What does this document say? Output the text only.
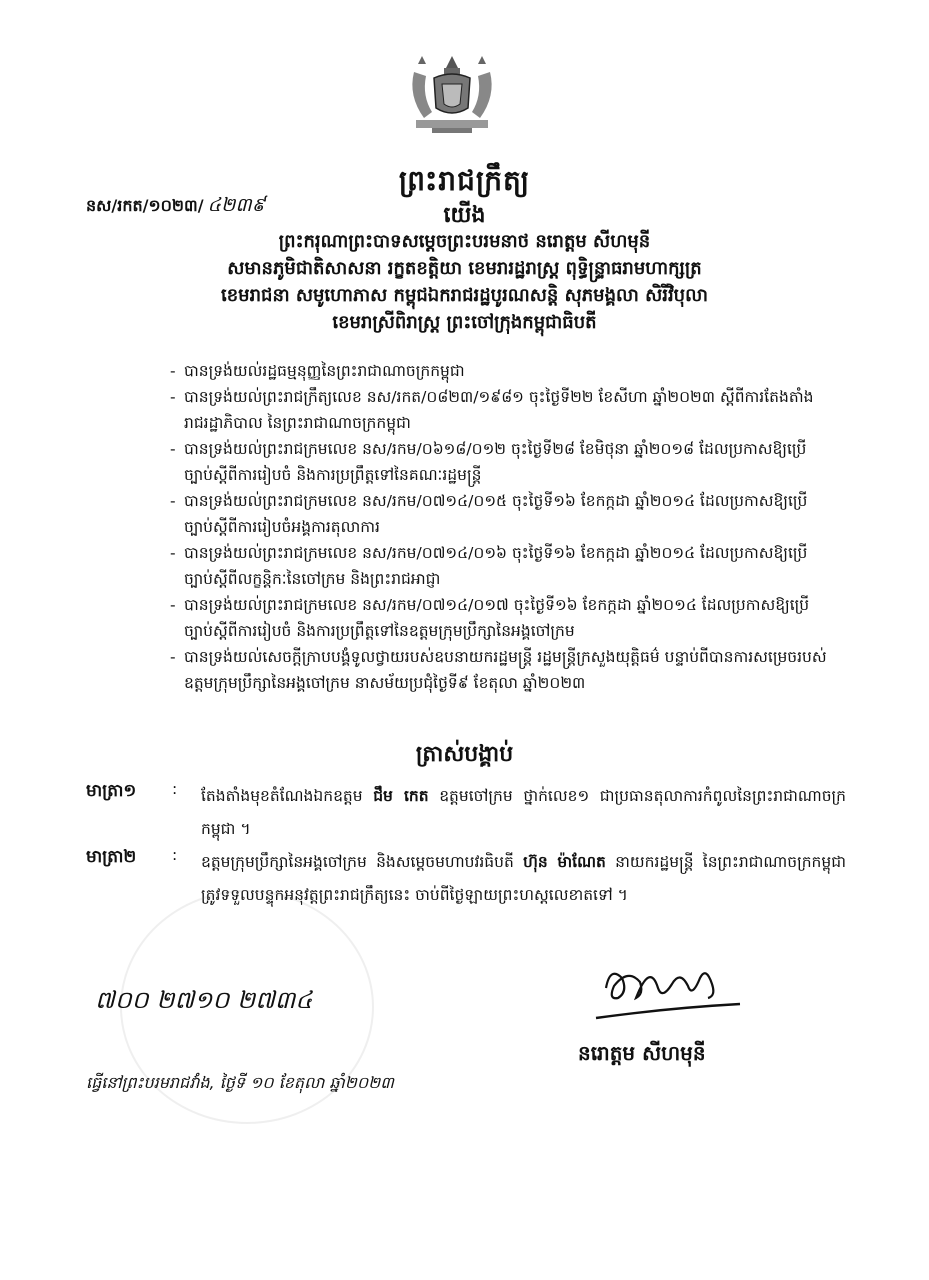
ព្រះរាជក្រឹត្យ
នស/រកត/១០២៣/ ៤២៣៩	យើង
ព្រះករុណាព្រះបាទសម្តេចព្រះបរមនាថ នរោត្តម សីហមុនី
សមានភូមិជាតិសាសនា រក្ខតខត្តិយា ខេមរារដ្ឋរាស្ត្រ ពុទ្ធិន្ទ្រាធរាមហាក្សត្រ
ខេមរាជនា សមូហោភាស កម្ពុជឯករាជរដ្ឋបូរណសន្តិ សុភមង្គលា សិរីវិបុលា
ខេមរាស្រីពិរាស្ត្រ ព្រះចៅក្រុងកម្ពុជាធិបតី
- បានទ្រង់យល់រដ្ឋធម្មនុញ្ញនៃព្រះរាជាណាចក្រកម្ពុជា
- បានទ្រង់យល់ព្រះរាជក្រឹត្យលេខ នស/រកត/០៨២៣/១៩៨១ ចុះថ្ងៃទី២២ ខែសីហា ឆ្នាំ២០២៣ ស្តីពីការតែងតាំងរាជរដ្ឋាភិបាល នៃព្រះរាជាណាចក្រកម្ពុជា
- បានទ្រង់យល់ព្រះរាជក្រមលេខ នស/រកម/០៦១៨/០១២ ចុះថ្ងៃទី២៨ ខែមិថុនា ឆ្នាំ២០១៨ ដែលប្រកាសឱ្យប្រើច្បាប់ស្តីពីការរៀបចំ និងការប្រព្រឹត្តទៅនៃគណៈរដ្ឋមន្ត្រី
- បានទ្រង់យល់ព្រះរាជក្រមលេខ នស/រកម/០៧១៤/០១៥ ចុះថ្ងៃទី១៦ ខែកក្កដា ឆ្នាំ២០១៤ ដែលប្រកាសឱ្យប្រើច្បាប់ស្តីពីការរៀបចំអង្គការតុលាការ
- បានទ្រង់យល់ព្រះរាជក្រមលេខ នស/រកម/០៧១៤/០១៦ ចុះថ្ងៃទី១៦ ខែកក្កដា ឆ្នាំ២០១៤ ដែលប្រកាសឱ្យប្រើច្បាប់ស្តីពីលក្ខន្តិកៈនៃចៅក្រម និងព្រះរាជអាជ្ញា
- បានទ្រង់យល់ព្រះរាជក្រមលេខ នស/រកម/០៧១៤/០១៧ ចុះថ្ងៃទី១៦ ខែកក្កដា ឆ្នាំ២០១៤ ដែលប្រកាសឱ្យប្រើច្បាប់ស្តីពីការរៀបចំ និងការប្រព្រឹត្តទៅនៃឧត្តមក្រុមប្រឹក្សានៃអង្គចៅក្រម
- បានទ្រង់យល់សេចក្តីក្រាបបង្គំទូលថ្វាយរបស់ឧបនាយករដ្ឋមន្ត្រី រដ្ឋមន្ត្រីក្រសួងយុត្តិធម៌ បន្ទាប់ពីបានការសម្រេចរបស់ឧត្តមក្រុមប្រឹក្សានៃអង្គចៅក្រម នាសម័យប្រជុំថ្ងៃទី៩ ខែតុលា ឆ្នាំ២០២៣
ត្រាស់បង្គាប់
មាត្រា១ : តែងតាំងមុខតំណែងឯកឧត្តម ជឹម កេត ឧត្តមចៅក្រម ថ្នាក់លេខ១ ជាប្រធានតុលាការកំពូលនៃព្រះរាជាណាចក្រកម្ពុជា ។
មាត្រា២ : ឧត្តមក្រុមប្រឹក្សានៃអង្គចៅក្រម និងសម្តេចមហាបវរធិបតី ហ៊ុន ម៉ាណែត នាយករដ្ឋមន្ត្រី នៃព្រះរាជាណាចក្រកម្ពុជា ត្រូវទទួលបន្ទុកអនុវត្តព្រះរាជក្រឹត្យនេះ ចាប់ពីថ្ងៃឡាយព្រះហស្តលេខាតទៅ ។
៧០០ ២៧១០ ២៧៣៤
នរោត្តម សីហមុនី
ធ្វើនៅព្រះបរមរាជវាំង, ថ្ងៃទី ១០ ខែតុលា ឆ្នាំ២០២៣
